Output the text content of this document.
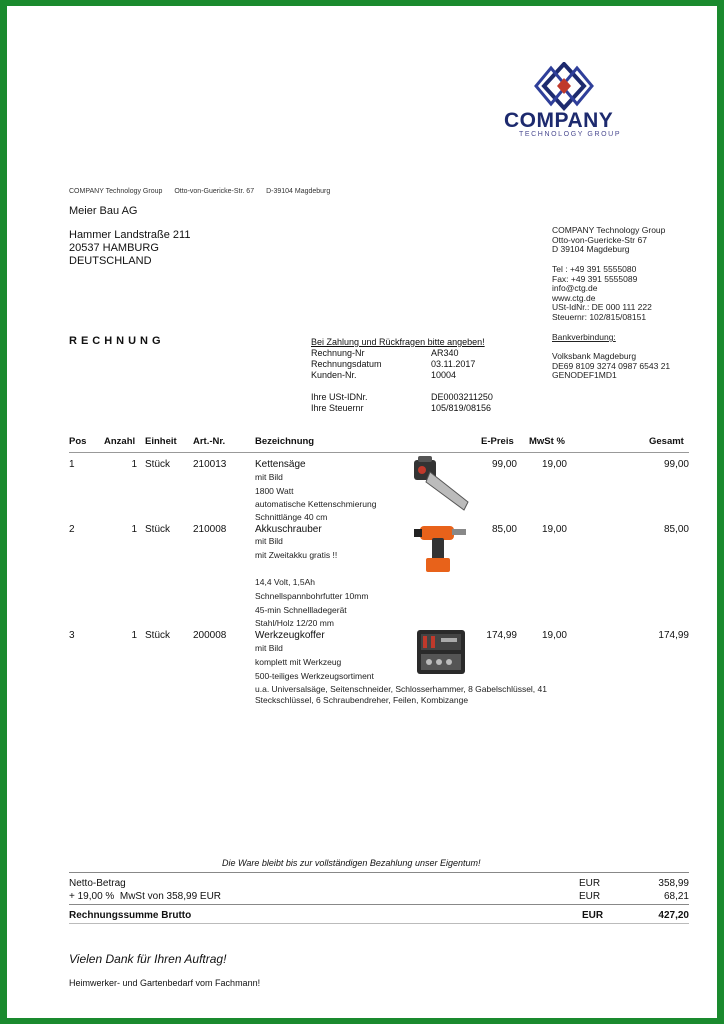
COMPANY
TECHNOLOGY GROUP
COMPANY Technology Group Otto-von-Guericke-Str. 67 D-39104 Magdeburg
Meier Bau AG
Hammer Landstraße 211
20537 HAMBURG
DEUTSCHLAND
COMPANY Technology Group
Otto-von-Guericke-Str 67
D 39104 Magdeburg
Tel : +49 391 5555080
Fax: +49 391 5555089
info@ctg.de
www.ctg.de
USt-IdNr.: DE 000 111 222
Steuernr: 102/815/08151
Bankverbindung:
Volksbank Magdeburg
DE69 8109 3274 0987 6543 21
GENODEF1MD1
RECHNUNG	Bei Zahlung und Rückfragen bitte angeben!
Rechnung-Nr	AR340
Rechnungsdatum	03.11.2017
Kunden-Nr.	10004
Ihre USt-IDNr.	DE0003211250
Ihre Steuernr	105/819/08156
Pos Anzahl Einheit Art.-Nr.	Bezeichnung	E-Preis MwSt %	Gesamt
1	1 Stück 210013	Kettensäge
mit Bild
1800 Watt
automatische Kettenschmierung
Schnittlänge 40 cm
99,00	19,00	99,00
2	1 Stück 210008	Akkuschrauber
mit Bild
mit Zweitakku gratis !!
14,4 Volt, 1,5Ah
Schnellspannbohrfutter 10mm
45-min Schnellladegerät
Stahl/Holz 12/20 mm
85,00	19,00	85,00
3	1 Stück 200008	Werkzeugkoffer
mit Bild
komplett mit Werkzeug
500-teiliges Werkzeugsortiment
u.a. Universalsäge, Seitenschneider, Schlosserhammer, 8 Gabelschlüssel, 41
Steckschlüssel, 6 Schraubendreher, Feilen, Kombizange
174,99	19,00	174,99
Die Ware bleibt bis zur vollständigen Bezahlung unser Eigentum!
Netto-Betrag	EUR	358,99
+ 19,00 %  MwSt von 358,99 EUR	EUR	68,21
Rechnungssumme Brutto	EUR	427,20
Vielen Dank für Ihren Auftrag!
Heimwerker- und Gartenbedarf vom Fachmann!
